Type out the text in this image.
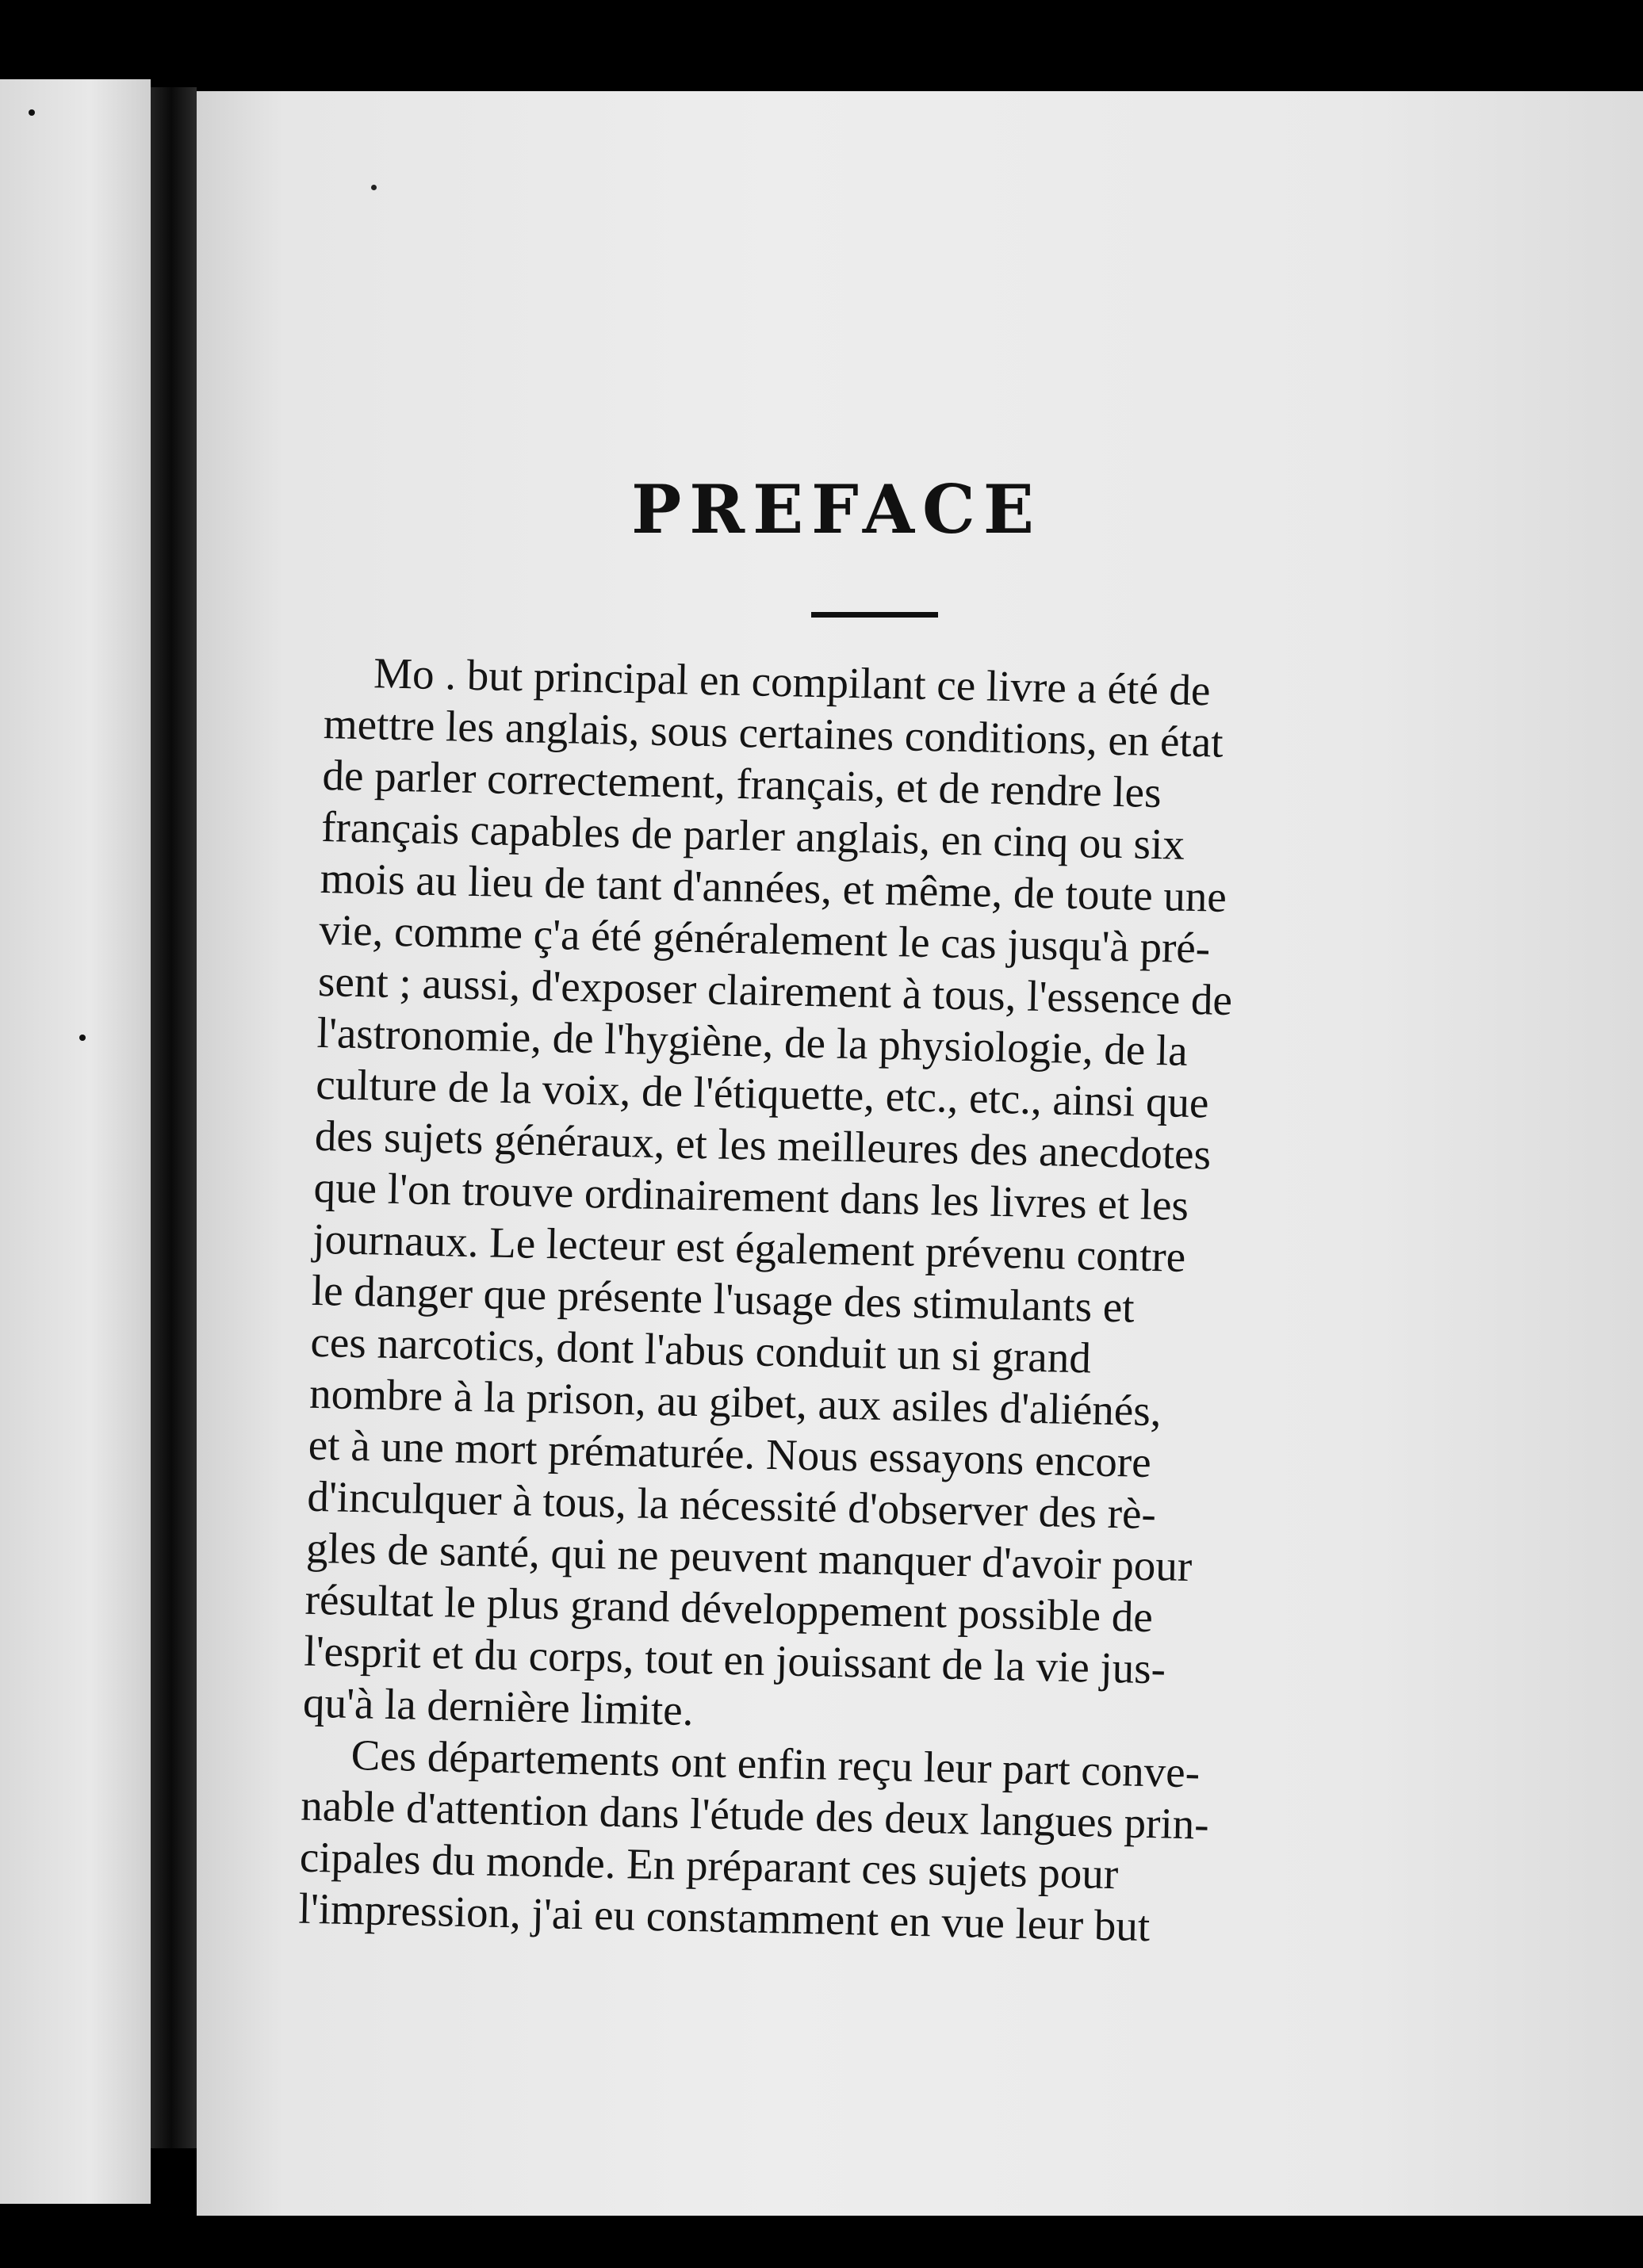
PREFACE

Mo . but principal en compilant ce livre a été de
mettre les anglais, sous certaines conditions, en état
de parler correctement, français, et de rendre les
français capables de parler anglais, en cinq ou six
mois au lieu de tant d'années, et même, de toute une
vie, comme ç'a été généralement le cas jusqu'à pré-
sent ; aussi, d'exposer clairement à tous, l'essence de
l'astronomie, de l'hygiène, de la physiologie, de la
culture de la voix, de l'étiquette, etc., etc., ainsi que
des sujets généraux, et les meilleures des anecdotes
que l'on trouve ordinairement dans les livres et les
journaux. Le lecteur est également prévenu contre
le danger que présente l'usage des stimulants et
ces narcotics, dont l'abus conduit un si grand
nombre à la prison, au gibet, aux asiles d'aliénés,
et à une mort prématurée. Nous essayons encore
d'inculquer à tous, la nécessité d'observer des rè-
gles de santé, qui ne peuvent manquer d'avoir pour
résultat le plus grand développement possible de
l'esprit et du corps, tout en jouissant de la vie jus-
qu'à la dernière limite.

Ces départements ont enfin reçu leur part conve-
nable d'attention dans l'étude des deux langues prin-
cipales du monde. En préparant ces sujets pour
l'impression, j'ai eu constamment en vue leur but
